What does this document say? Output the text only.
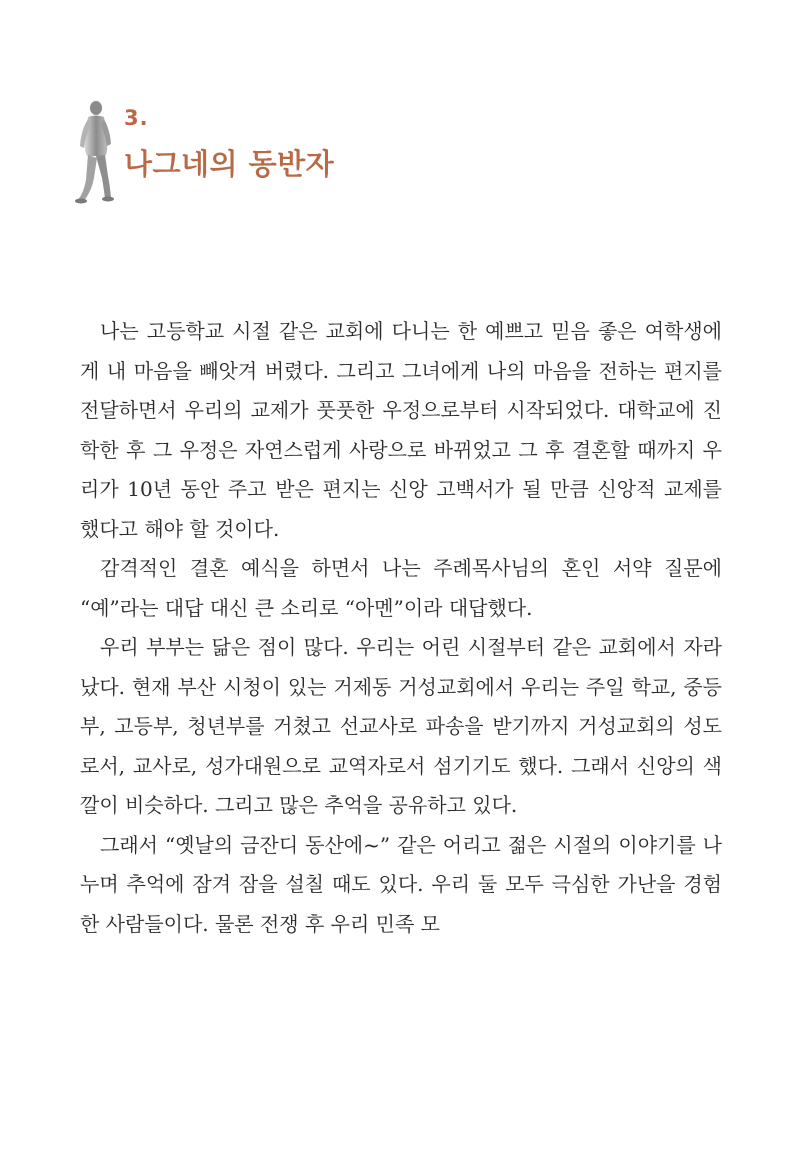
3.
나그네의 동반자

나는 고등학교 시절 같은 교회에 다니는 한 예쁘고 믿음 좋은 여학생에게 내 마음을 빼앗겨 버렸다. 그리고 그녀에게 나의 마음을 전하는 편지를 전달하면서 우리의 교제가 풋풋한 우정으로부터 시작되었다. 대학교에 진학한 후 그 우정은 자연스럽게 사랑으로 바뀌었고 그 후 결혼할 때까지 우리가 10년 동안 주고 받은 편지는 신앙 고백서가 될 만큼 신앙적 교제를 했다고 해야 할 것이다.

감격적인 결혼 예식을 하면서 나는 주례목사님의 혼인 서약 질문에 “예”라는 대답 대신 큰 소리로 “아멘”이라 대답했다.

우리 부부는 닮은 점이 많다. 우리는 어린 시절부터 같은 교회에서 자라났다. 현재 부산 시청이 있는 거제동 거성교회에서 우리는 주일 학교, 중등부, 고등부, 청년부를 거쳤고 선교사로 파송을 받기까지 거성교회의 성도로서, 교사로, 성가대원으로 교역자로서 섬기기도 했다. 그래서 신앙의 색깔이 비슷하다. 그리고 많은 추억을 공유하고 있다.

그래서 “옛날의 금잔디 동산에~” 같은 어리고 젊은 시절의 이야기를 나누며 추억에 잠겨 잠을 설칠 때도 있다. 우리 둘 모두 극심한 가난을 경험한 사람들이다. 물론 전쟁 후 우리 민족 모
